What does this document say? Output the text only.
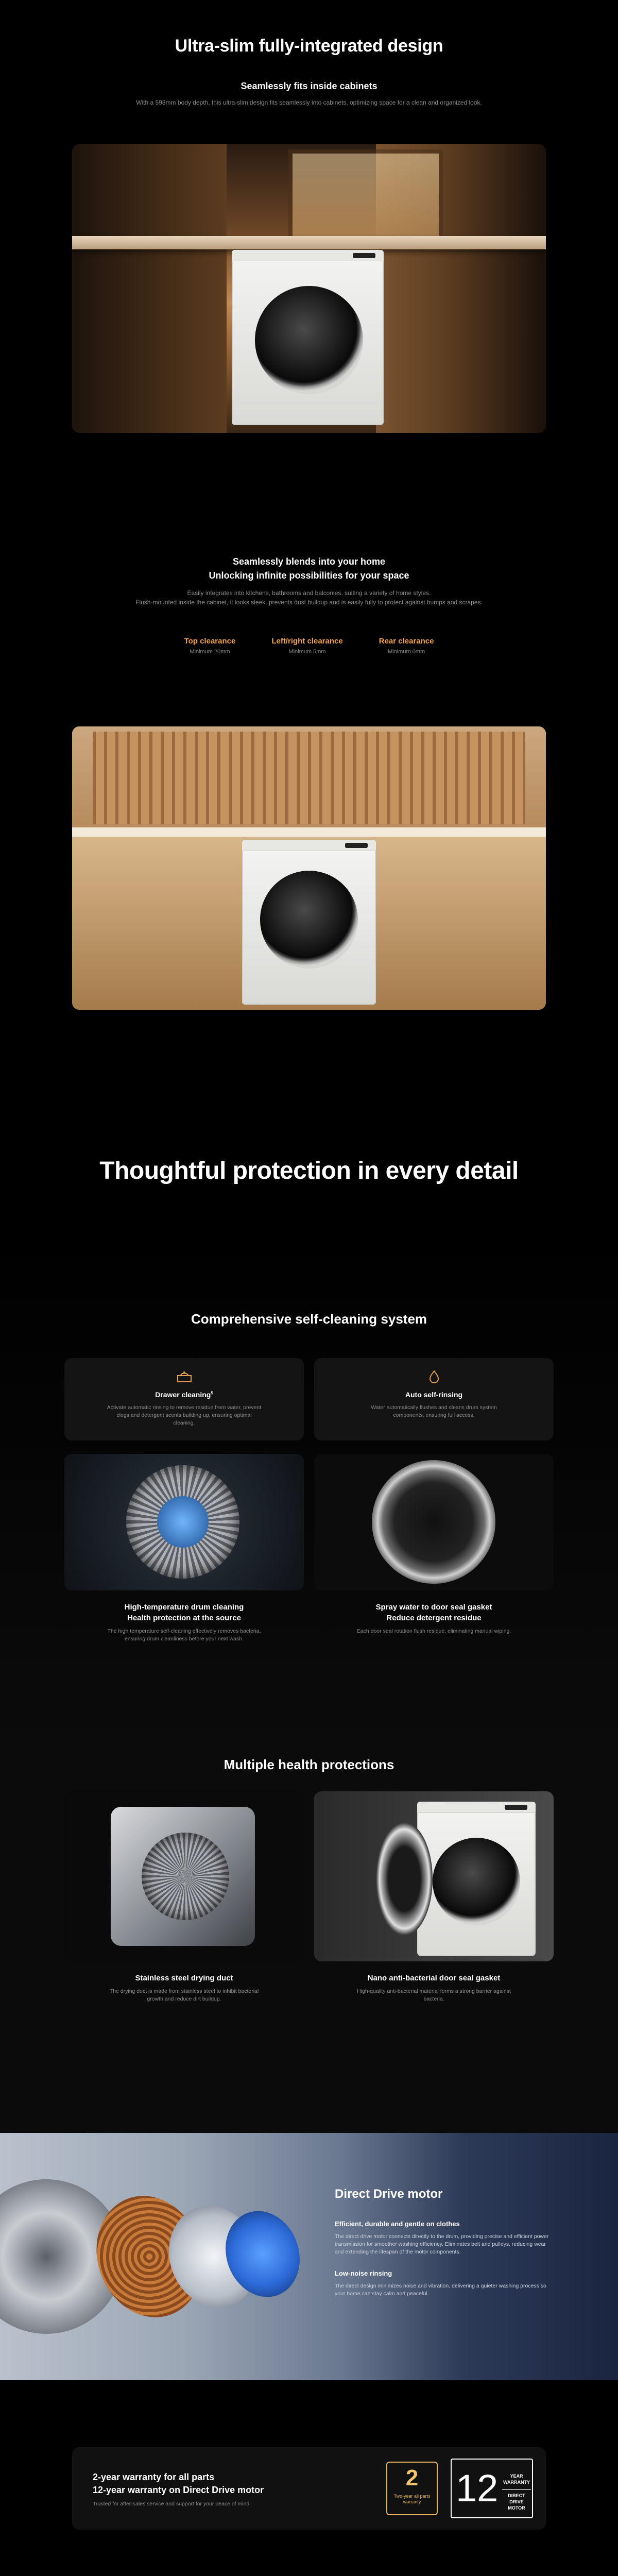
Ultra-slim fully-integrated design
Seamlessly fits inside cabinets

With a 598mm body depth, this ultra-slim design fits seamlessly into cabinets, optimizing space for a clean and organized look.

Seamlessly blends into your home
Unlocking infinite possibilities for your space

Easily integrates into kitchens, bathrooms and balconies, suiting a variety of home styles.

Flush-mounted inside the cabinet, it looks sleek, prevents dust buildup and is easily fully to protect against bumps and scrapes.

Top clearance
Minimum 20mm
Left/right clearance
Minimum 5mm
Rear clearance
Minimum 0mm
Thoughtful protection in every detail
Comprehensive self-cleaning system
Drawer cleaning$^5$

Activate automatic rinsing to remove residue from water, prevent clogs and detergent scents building up, ensuring optimal cleaning.

Auto self-rinsing

Water automatically flushes and cleans drum system components, ensuring full access.

High-temperature drum cleaning
Health protection at the source

The high temperature self-cleaning effectively removes bacteria, ensuring drum cleanliness before your next wash.

Spray water to door seal gasket
Reduce detergent residue

Each door seal rotation flush residue, eliminating manual wiping.

Multiple health protections
Stainless steel drying duct

The drying duct is made from stainless steel to inhibit bacterial growth and reduce dirt buildup.

Nano anti-bacterial door seal gasket

High-quality anti-bacterial material forms a strong barrier against bacteria.

Direct Drive motor
Efficient, durable and gentle on clothes

The direct drive motor connects directly to the drum, providing precise and efficient power transmission for smoother washing efficiency. Eliminates belt and pulleys, reducing wear and extending the lifespan of the motor components.

Low-noise rinsing

The direct design minimizes noise and vibration, delivering a quieter washing process so your home can stay calm and peaceful.

2-year warranty for all parts
12-year warranty on Direct Drive motor

Trusted for after-sales service and support for your peace of mind.

2
Two-year all parts warranty 12	YEAR WARRANTY
DIRECT DRIVE MOTOR
